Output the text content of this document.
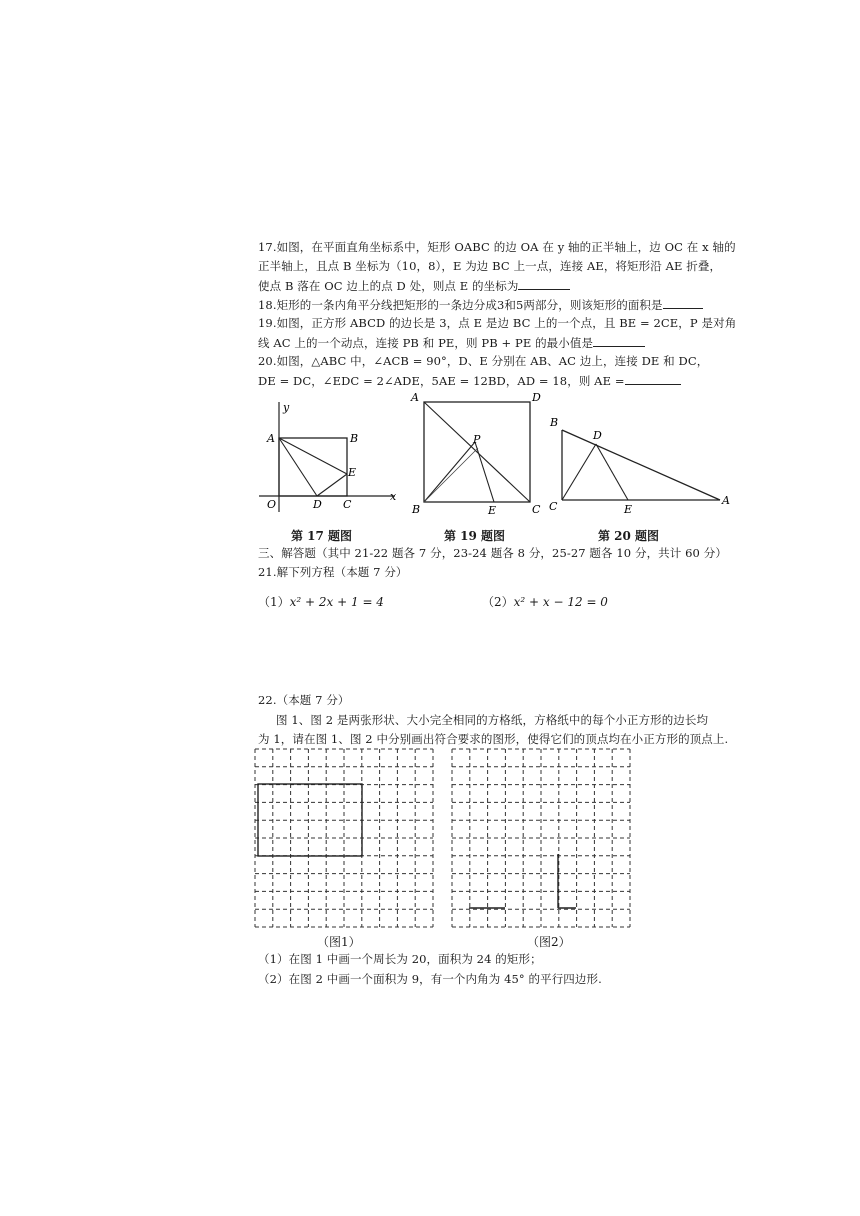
17.如图，在平面直角坐标系中，矩形 OABC 的边 OA 在 y 轴的正半轴上，边 OC 在 x 轴的
正半轴上，且点 B 坐标为（10，8），E 为边 BC 上一点，连接 AE，将矩形沿 AE 折叠，
使点 B 落在 OC 边上的点 D 处，则点 E 的坐标为
18.矩形的一条内角平分线把矩形的一条边分成3和5两部分，则该矩形的面积是
19.如图，正方形 ABCD 的边长是 3，点 E 是边 BC 上的一个点，且 BE = 2CE，P 是对角
线 AC 上的一个动点，连接 PB 和 PE，则 PB + PE 的最小值是
20.如图，△ABC 中，∠ACB = 90°，D、E 分别在 AB、AC 边上，连接 DE 和 DC，
DE = DC，∠EDC = 2∠ADE，5AE = 12BD，AD = 18，则 AE =
y
A	B
E
O	D C
x
第 17 题图
A	D
P
B	E	C
第 19 题图
B
D
C	E
A
第 20 题图
三、解答题（其中 21-22 题各 7 分，23-24 题各 8 分，25-27 题各 10 分，共计 60 分）
21.解下列方程（本题 7 分）
（1）x² + 2x + 1 = 4	（2）x² + x − 12 = 0
22.（本题 7 分）
图 1、图 2 是两张形状、大小完全相同的方格纸，方格纸中的每个小正方形的边长均
为 1，请在图 1、图 2 中分别画出符合要求的图形，使得它们的顶点均在小正方形的顶点上.
（图1）	（图2）
（1）在图 1 中画一个周长为 20，面积为 24 的矩形；
（2）在图 2 中画一个面积为 9，有一个内角为 45° 的平行四边形.
